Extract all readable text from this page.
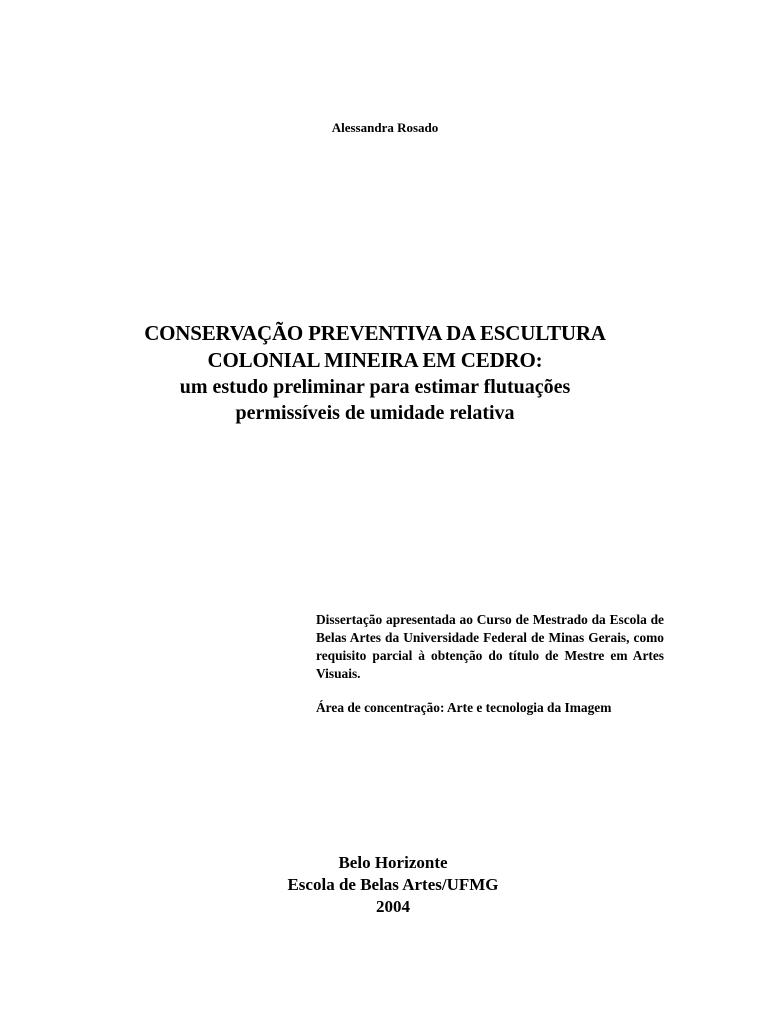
Alessandra Rosado
CONSERVAÇÃO PREVENTIVA DA ESCULTURA
COLONIAL MINEIRA EM CEDRO:
um estudo preliminar para estimar flutuações
permissíveis de umidade relativa
Dissertação apresentada ao Curso de Mestrado da Escola de Belas Artes da Universidade Federal de Minas Gerais, como requisito parcial à obtenção do título de Mestre em Artes Visuais.
Área de concentração: Arte e tecnologia da Imagem
Belo Horizonte
Escola de Belas Artes/UFMG
2004
